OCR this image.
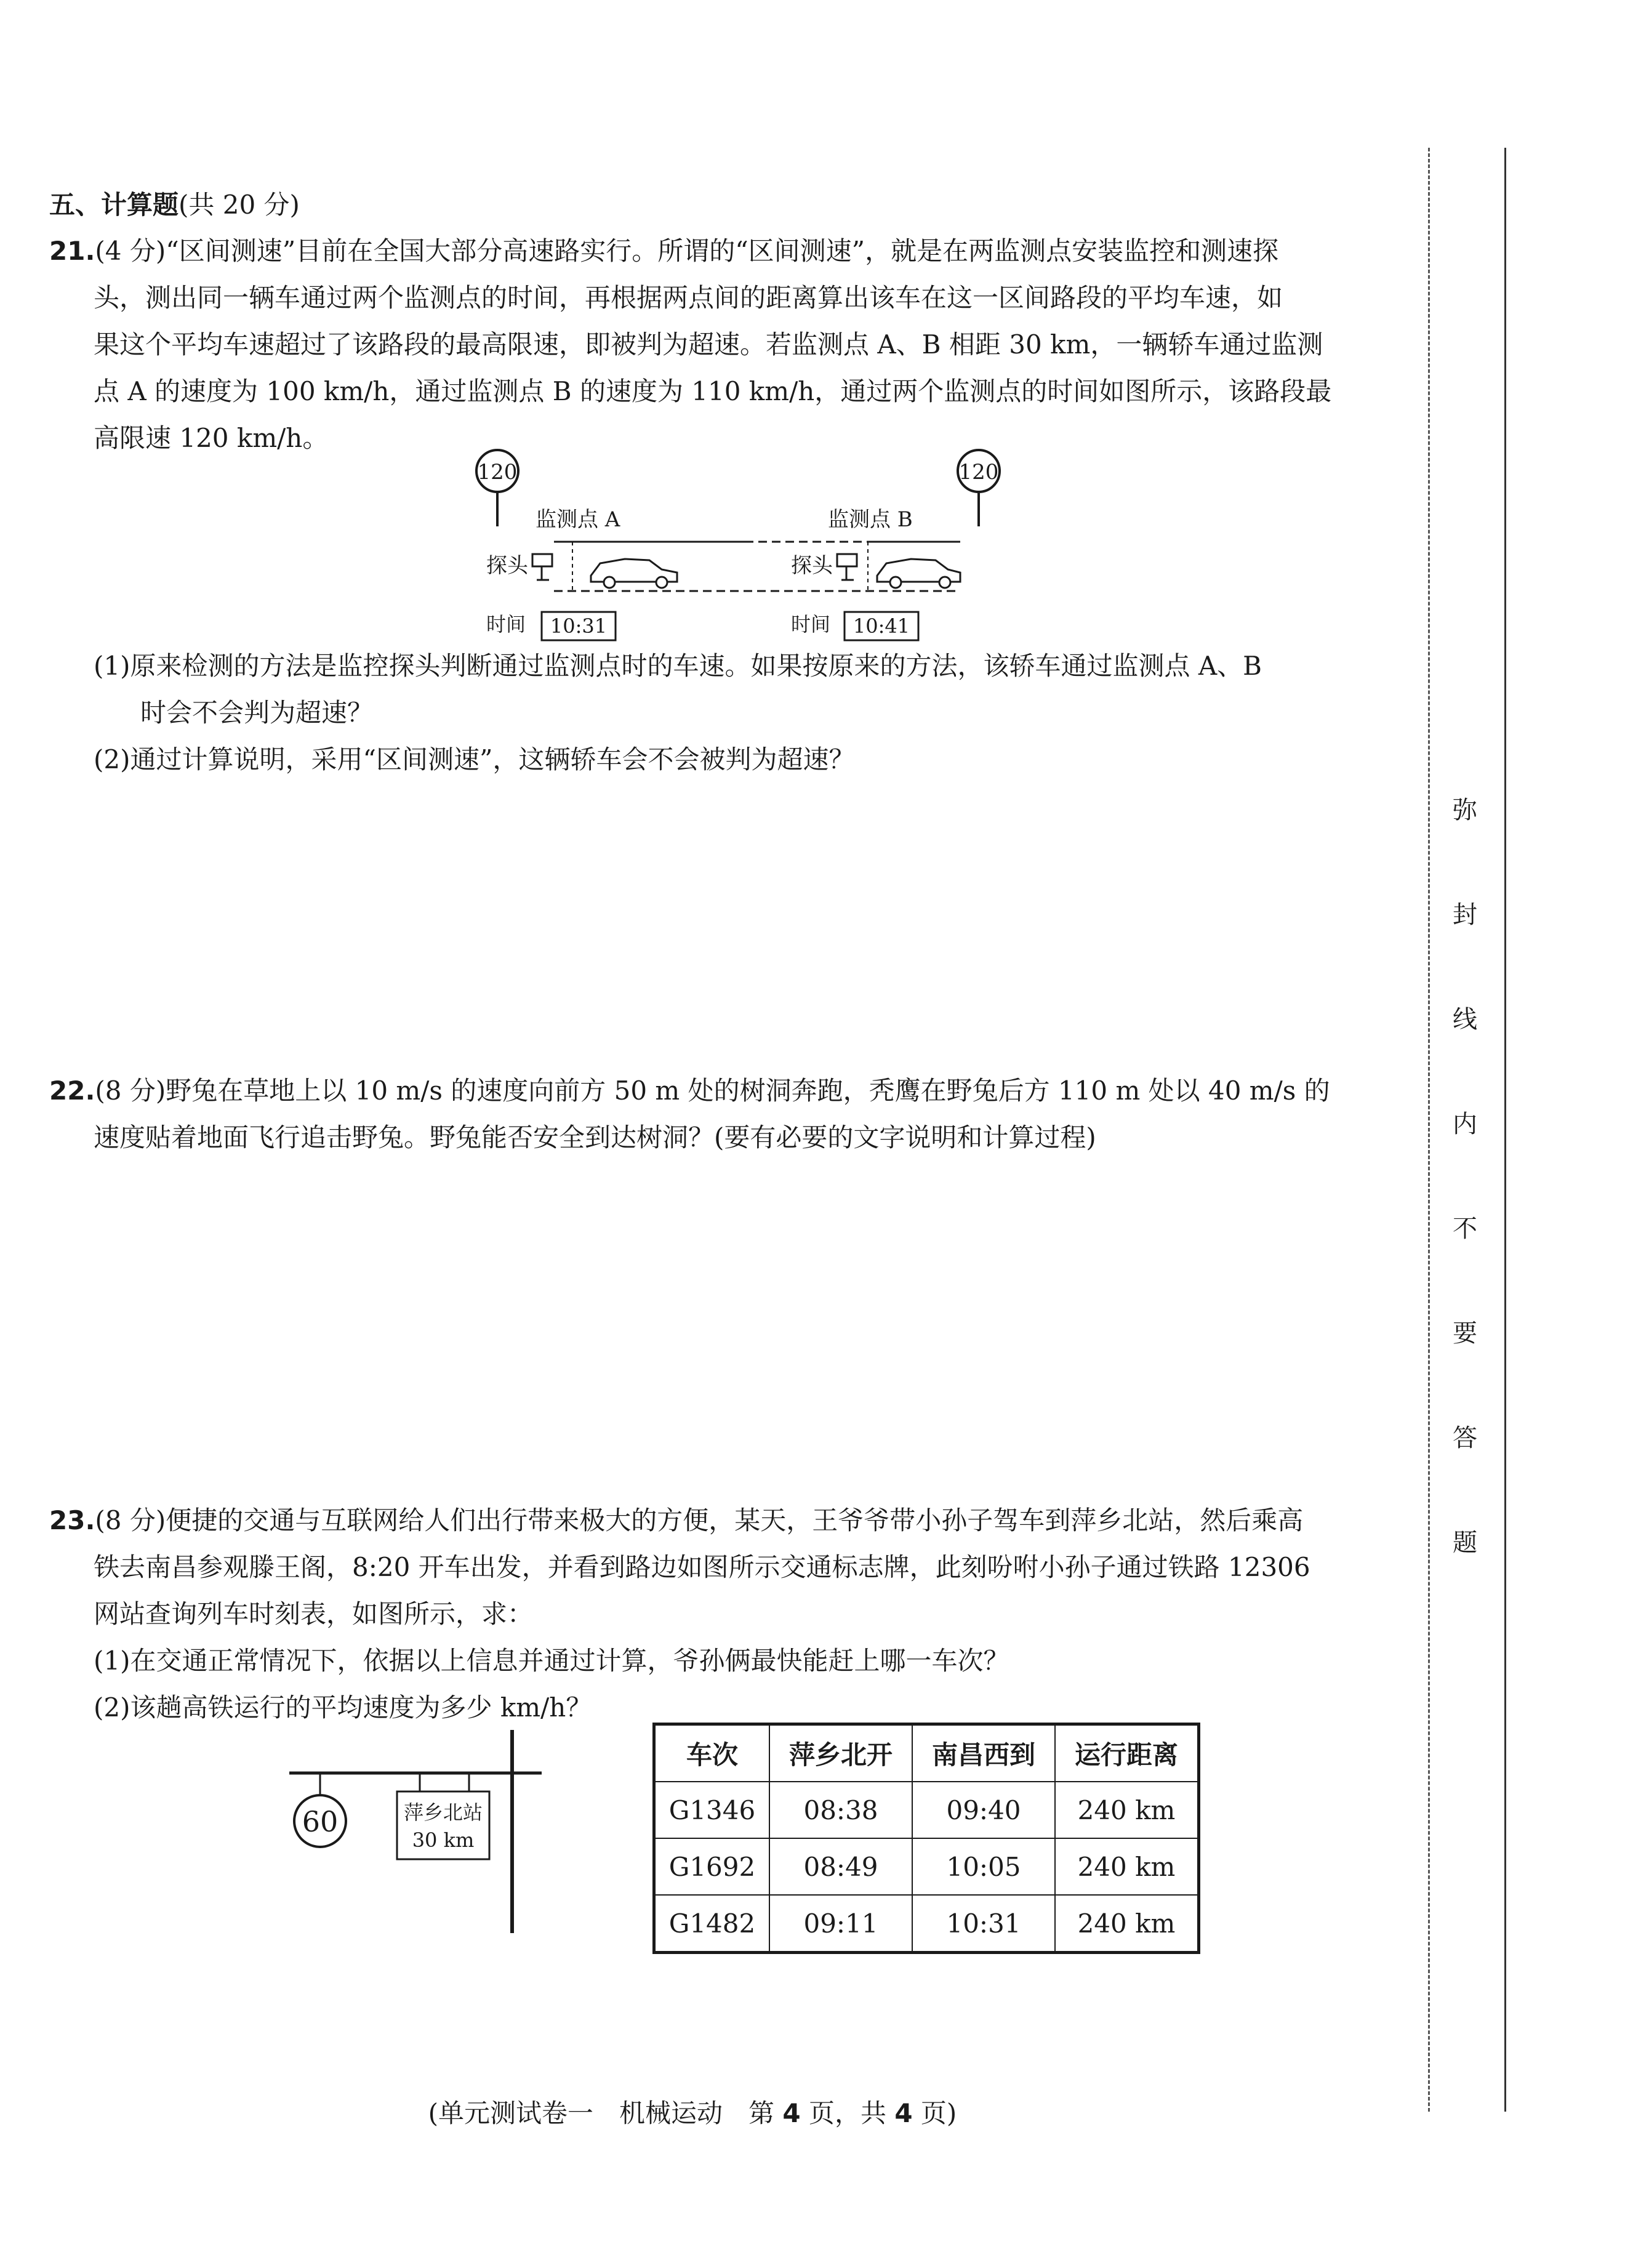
五、计算题(共 20 分)
21.(4 分)“区间测速”目前在全国大部分高速路实行。所谓的“区间测速”，就是在两监测点安装监控和测速探
头，测出同一辆车通过两个监测点的时间，再根据两点间的距离算出该车在这一区间路段的平均车速，如
果这个平均车速超过了该路段的最高限速，即被判为超速。若监测点 A、B 相距 30 km，一辆轿车通过监测
点 A 的速度为 100 km/h，通过监测点 B 的速度为 110 km/h，通过两个监测点的时间如图所示，该路段最
高限速 120 km/h。
120	120
监测点 A	监测点 B
探头	探头
时间 10:31	时间 10:41
(1)原来检测的方法是监控探头判断通过监测点时的车速。如果按原来的方法，该轿车通过监测点 A、B
时会不会判为超速？
(2)通过计算说明，采用“区间测速”，这辆轿车会不会被判为超速？
22.(8 分)野兔在草地上以 10 m/s 的速度向前方 50 m 处的树洞奔跑，秃鹰在野兔后方 110 m 处以 40 m/s 的
速度贴着地面飞行追击野兔。野兔能否安全到达树洞？(要有必要的文字说明和计算过程)
23.(8 分)便捷的交通与互联网给人们出行带来极大的方便，某天，王爷爷带小孙子驾车到萍乡北站，然后乘高
铁去南昌参观滕王阁，8:20 开车出发，并看到路边如图所示交通标志牌，此刻吩咐小孙子通过铁路 12306
网站查询列车时刻表，如图所示，求：
(1)在交通正常情况下，依据以上信息并通过计算，爷孙俩最快能赶上哪一车次？
(2)该趟高铁运行的平均速度为多少 km/h？
60	萍乡北站
30 km
车次	萍乡北开	南昌西到	运行距离
G1346	08:38	09:40	240 km
G1692	08:49	10:05	240 km
G1482	09:11	10:31	240 km
弥
封
线
内
不
要
答
题
(单元测试卷一　机械运动　第 4 页，共 4 页)
